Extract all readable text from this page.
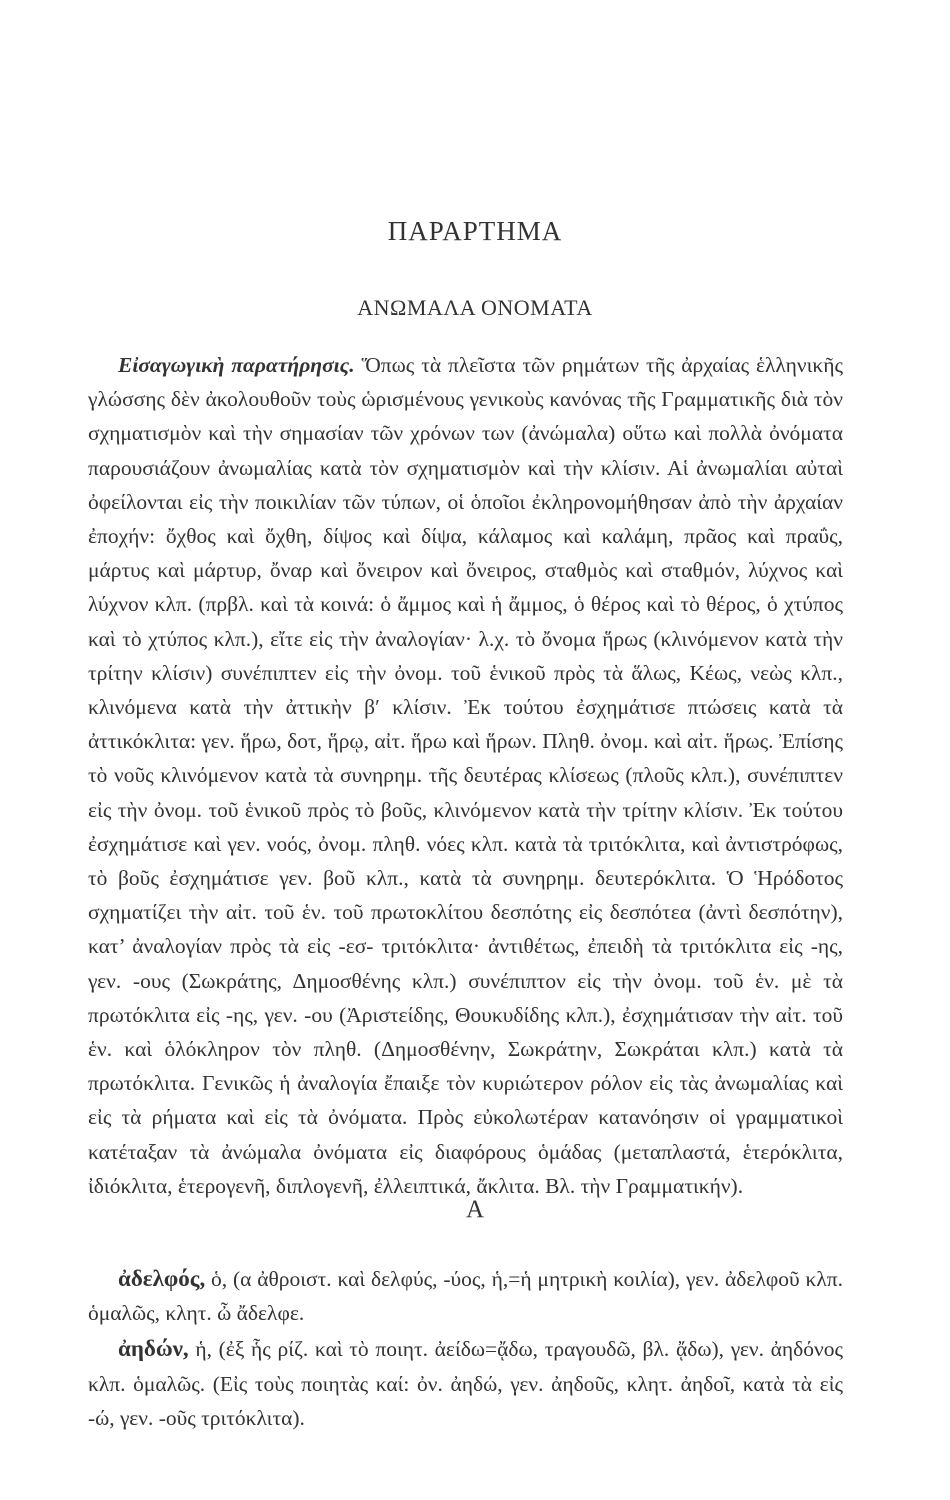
ΠΑΡΑΡΤΗΜΑ
ΑΝΩΜΑΛΑ ΟΝΟΜΑΤΑ

Εἰσαγωγικὴ παρατήρησις. Ὅπως τὰ πλεῖστα τῶν ρημάτων τῆς ἀρχαίας ἑλληνικῆς γλώσσης δὲν ἀκολουθοῦν τοὺς ὡρισμένους γενικοὺς κανόνας τῆς Γραμματικῆς διὰ τὸν σχηματισμὸν καὶ τὴν σημασίαν τῶν χρόνων των (ἀνώμαλα) οὕτω καὶ πολλὰ ὀνόματα παρουσιάζουν ἀνωμαλίας κατὰ τὸν σχηματισμὸν καὶ τὴν κλίσιν. Αἱ ἀνωμαλίαι αὐταὶ ὀφείλονται εἰς τὴν ποικιλίαν τῶν τύπων, οἱ ὁποῖοι ἐκληρονομήθησαν ἀπὸ τὴν ἀρχαίαν ἐποχήν: ὄχθος καὶ ὄχθη, δίψος καὶ δίψα, κάλαμος καὶ καλάμη, πρᾶος καὶ πραΰς, μάρτυς καὶ μάρτυρ, ὄναρ καὶ ὄνειρον καὶ ὄνειρος, σταθμὸς καὶ σταθμόν, λύχνος καὶ λύχνον κλπ. (πρβλ. καὶ τὰ κοινά: ὁ ἄμμος καὶ ἡ ἄμμος, ὁ θέρος καὶ τὸ θέρος, ὁ χτύπος καὶ τὸ χτύπος κλπ.), εἴτε εἰς τὴν ἀναλογίαν· λ.χ. τὸ ὄνομα ἥρως (κλινόμενον κατὰ τὴν τρίτην κλίσιν) συνέπιπτεν εἰς τὴν ὀνομ. τοῦ ἑνικοῦ πρὸς τὰ ἅλως, Κέως, νεὼς κλπ., κλινόμενα κατὰ τὴν ἀττικὴν β′ κλίσιν. Ἐκ τούτου ἐσχημάτισε πτώσεις κατὰ τὰ ἀττικόκλιτα: γεν. ἥρω, δοτ, ἥρῳ, αἰτ. ἥρω καὶ ἥρων. Πληθ. ὀνομ. καὶ αἰτ. ἥρως. Ἐπίσης τὸ νοῦς κλινόμενον κατὰ τὰ συνηρημ. τῆς δευτέρας κλίσεως (πλοῦς κλπ.), συνέπιπτεν εἰς τὴν ὀνομ. τοῦ ἑνικοῦ πρὸς τὸ βοῦς, κλινόμενον κατὰ τὴν τρίτην κλίσιν. Ἐκ τούτου ἐσχημάτισε καὶ γεν. νοός, ὀνομ. πληθ. νόες κλπ. κατὰ τὰ τριτόκλιτα, καὶ ἀντιστρόφως, τὸ βοῦς ἐσχημάτισε γεν. βοῦ κλπ., κατὰ τὰ συνηρημ. δευτερόκλιτα. Ὁ Ἡρόδοτος σχηματίζει τὴν αἰτ. τοῦ ἑν. τοῦ πρωτοκλίτου δεσπότης εἰς δεσπότεα (ἀντὶ δεσπότην), κατ’ ἀναλογίαν πρὸς τὰ εἰς -εσ- τριτόκλιτα· ἀντιθέτως, ἐπειδὴ τὰ τριτόκλιτα εἰς -ης, γεν. -ους (Σωκράτης, Δημοσθένης κλπ.) συνέπιπτον εἰς τὴν ὀνομ. τοῦ ἑν. μὲ τὰ πρωτόκλιτα εἰς -ης, γεν. -ου (Ἀριστείδης, Θουκυδίδης κλπ.), ἐσχημάτισαν τὴν αἰτ. τοῦ ἑν. καὶ ὁλόκληρον τὸν πληθ. (Δημοσθένην, Σωκράτην, Σωκράται κλπ.) κατὰ τὰ πρωτόκλιτα. Γενικῶς ἡ ἀναλογία ἔπαιξε τὸν κυριώτερον ρόλον εἰς τὰς ἀνωμαλίας καὶ εἰς τὰ ρήματα καὶ εἰς τὰ ὀνόματα. Πρὸς εὐκολωτέραν κατανόησιν οἱ γραμματικοὶ κατέταξαν τὰ ἀνώμαλα ὀνόματα εἰς διαφόρους ὁμάδας (μεταπλαστά, ἑτερόκλιτα, ἰδιόκλιτα, ἑτερογενῆ, διπλογενῆ, ἐλλειπτικά, ἄκλιτα. Βλ. τὴν Γραμματικήν).

Α

ἀδελφός, ὁ, (α ἀθροιστ. καὶ δελφύς, -ύος, ἡ,=ἡ μητρικὴ κοιλία), γεν. ἀδελφοῦ κλπ. ὁμαλῶς, κλητ. ὦ ἄδελφε.

ἀηδών, ἡ, (ἐξ ἧς ρίζ. καὶ τὸ ποιητ. ἀείδω=ᾄδω, τραγουδῶ, βλ. ᾄδω), γεν. ἀηδόνος κλπ. ὁμαλῶς. (Εἰς τοὺς ποιητὰς καί: ὀν. ἀηδώ, γεν. ἀηδοῦς, κλητ. ἀηδοῖ, κατὰ τὰ εἰς -ώ, γεν. -οῦς τριτόκλιτα).
